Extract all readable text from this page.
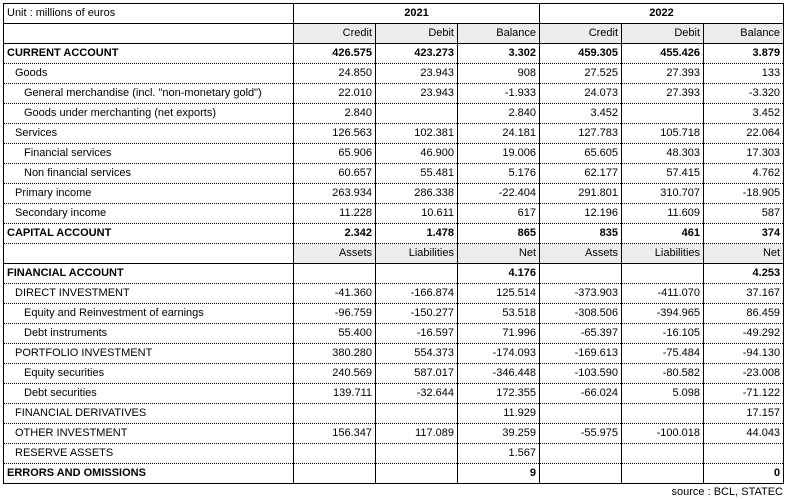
Unit : millions of euros	2021			2022		
	Credit	Debit	Balance	Credit	Debit	Balance
CURRENT ACCOUNT	426.575	423.273	3.302	459.305	455.426	3.879
Goods	24.850	23.943	908	27.525	27.393	133
General merchandise (incl. "non-monetary gold")	22.010	23.943	-1.933	24.073	27.393	-3.320
Goods under merchanting (net exports)	2.840		2.840	3.452		3.452
Services	126.563	102.381	24.181	127.783	105.718	22.064
Financial services	65.906	46.900	19.006	65.605	48.303	17.303
Non financial services	60.657	55.481	5.176	62.177	57.415	4.762
Primary income	263.934	286.338	-22.404	291.801	310.707	-18.905
Secondary income	11.228	10.611	617	12.196	11.609	587
CAPITAL ACCOUNT	2.342	1.478	865	835	461	374
	Assets	Liabilities	Net	Assets	Liabilities	Net
FINANCIAL ACCOUNT			4.176			4.253
DIRECT INVESTMENT	-41.360	-166.874	125.514	-373.903	-411.070	37.167
Equity and Reinvestment of earnings	-96.759	-150.277	53.518	-308.506	-394.965	86.459
Debt instruments	55.400	-16.597	71.996	-65.397	-16.105	-49.292
PORTFOLIO INVESTMENT	380.280	554.373	-174.093	-169.613	-75.484	-94.130
Equity securities	240.569	587.017	-346.448	-103.590	-80.582	-23.008
Debt securities	139.711	-32.644	172.355	-66.024	5.098	-71.122
FINANCIAL DERIVATIVES			11.929			17.157
OTHER INVESTMENT	156.347	117.089	39.259	-55.975	-100.018	44.043
RESERVE ASSETS			1.567			
ERRORS AND OMISSIONS			9			0
source : BCL, STATEC
